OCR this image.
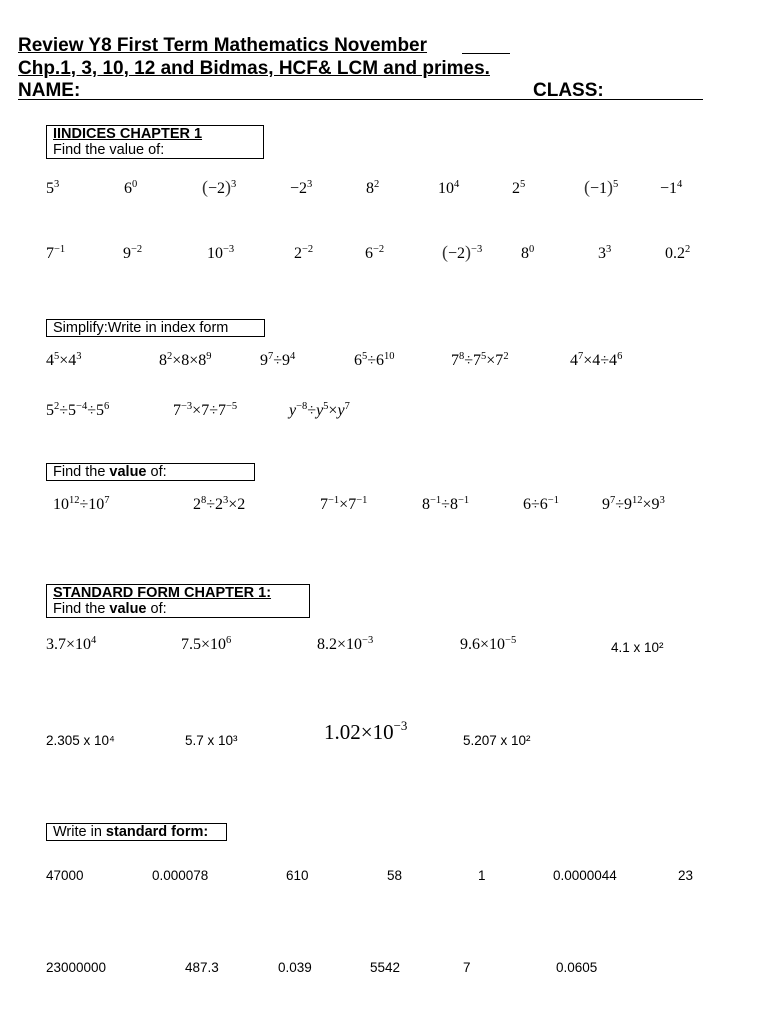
Review Y8 First Term Mathematics November
Chp.1, 3, 10, 12 and Bidmas, HCF& LCM and primes.
NAME:	CLASS:
IINDICES CHAPTER 1
Find the value of:
$5^3$	$6^0$	$(-2)^3$	$-2^3$	$8^2$	$10^4$	$2^5$	$(-1)^5$	$-1^4$
$7^{-1}$	$9^{-2}$	$10^{-3}$	$2^{-2}$	$6^{-2}$	$(-2)^{-3}$ $8^0$	$3^3$	$0.2^2$
Simplify:Write in index form
$4^5\times 4^3$	$8^2\times 8\times 8^9$	$9^7\div 9^4$	$6^5\div 6^{10}$	$7^8\div 7^5\times 7^2$	$4^7\times 4\div 4^6$
$5^2\div 5^{-4}\div 5^6$	$7^{-3}\times 7\div 7^{-5}$	$y^{-8}\div y^5\times y^7$
Find the value of:
$10^{12}\div 10^7$	$2^8\div 2^3\times 2$	$7^{-1}\times 7^{-1}$	$8^{-1}\div 8^{-1}$	$6\div 6^{-1}$	$9^7\div 9^{12}\times 9^3$
STANDARD FORM CHAPTER 1:
Find the value of:
$3.7\times 10^4$	$7.5\times 10^6$	$8.2\times 10^{-3}$	$9.6\times 10^{-5}$	4.1 x 10²
2.305 x 10⁴	5.7 x 10³	$1.02\times 10^{-3}$
5.207 x 10²
Write in standard form:
47000	0.000078	610	58	1	0.0000044	23
23000000	487.3	0.039	5542	7	0.0605
